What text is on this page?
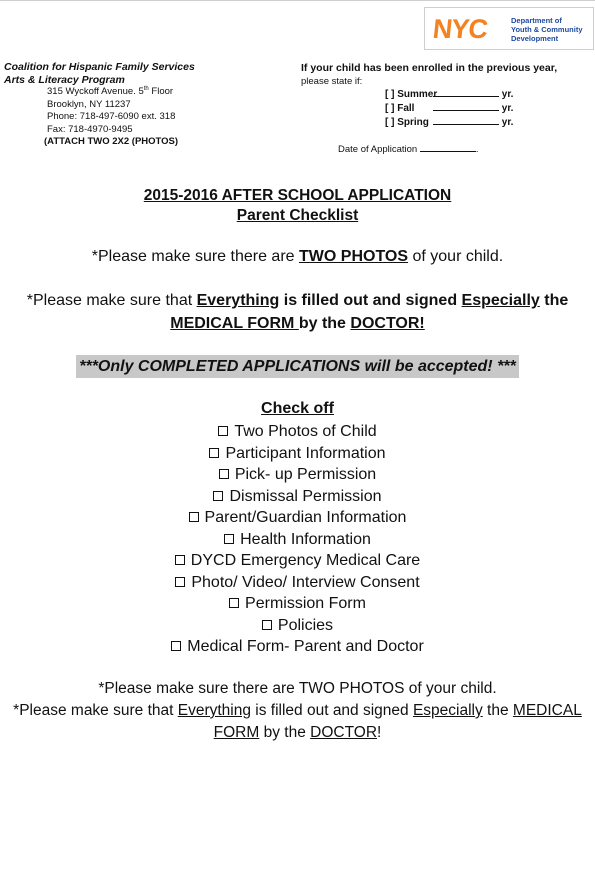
NYC	Department of
Youth & Community
Development
Coalition for Hispanic Family Services
Arts & Literacy Program
315 Wyckoff Avenue. 5th Floor
Brooklyn, NY 11237
Phone: 718-497-6090 ext. 318
Fax: 718-4970-9495
(ATTACH TWO 2X2 (PHOTOS)
If your child has been enrolled in the previous year,
please state if:
[ ] Summer	yr.
[ ] Fall	yr.
[ ] Spring	yr.
Date of Application	.
2015-2016 AFTER SCHOOL APPLICATION
Parent Checklist
*Please make sure there are TWO PHOTOS of your child.
*Please make sure that Everything is filled out and signed Especially the
MEDICAL FORM by the DOCTOR!
***Only COMPLETED APPLICATIONS will be accepted! ***
Check off
Two Photos of Child
Participant Information
Pick- up Permission
Dismissal Permission
Parent/Guardian Information
Health Information
DYCD Emergency Medical Care
Photo/ Video/ Interview Consent
Permission Form
Policies
Medical Form- Parent and Doctor
*Please make sure there are TWO PHOTOS of your child.
*Please make sure that Everything is filled out and signed Especially the MEDICAL
FORM by the DOCTOR!
